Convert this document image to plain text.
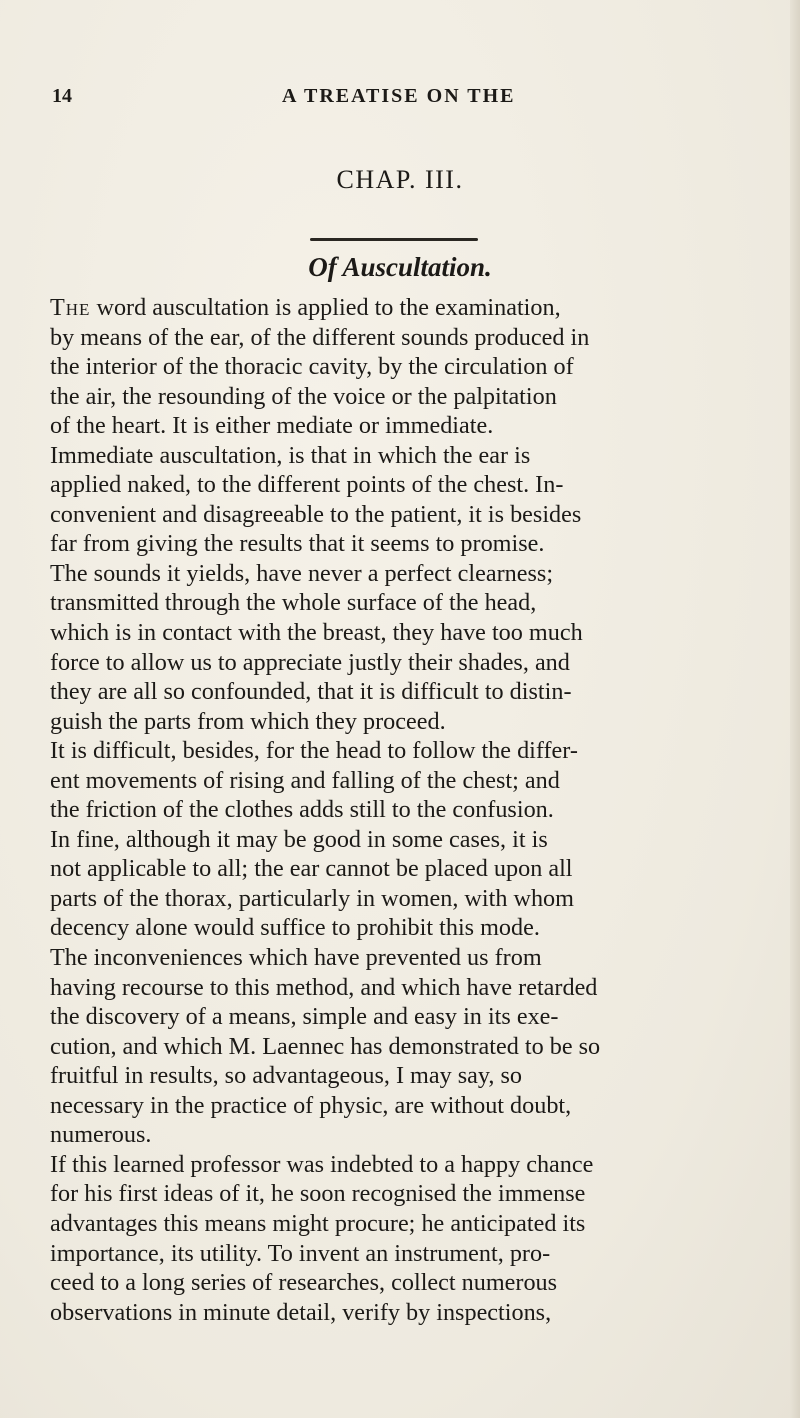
14	A TREATISE ON THE
CHAP. III.
Of Auscultation.
The word auscultation is applied to the examination,
by means of the ear, of the different sounds produced in
the interior of the thoracic cavity, by the circulation of
the air, the resounding of the voice or the palpitation
of the heart. It is either mediate or immediate.
Immediate auscultation, is that in which the ear is
applied naked, to the different points of the chest. In-
convenient and disagreeable to the patient, it is besides
far from giving the results that it seems to promise.
The sounds it yields, have never a perfect clearness;
transmitted through the whole surface of the head,
which is in contact with the breast, they have too much
force to allow us to appreciate justly their shades, and
they are all so confounded, that it is difficult to distin-
guish the parts from which they proceed.
It is difficult, besides, for the head to follow the differ-
ent movements of rising and falling of the chest; and
the friction of the clothes adds still to the confusion.
In fine, although it may be good in some cases, it is
not applicable to all; the ear cannot be placed upon all
parts of the thorax, particularly in women, with whom
decency alone would suffice to prohibit this mode.
The inconveniences which have prevented us from
having recourse to this method, and which have retarded
the discovery of a means, simple and easy in its exe-
cution, and which M. Laennec has demonstrated to be so
fruitful in results, so advantageous, I may say, so
necessary in the practice of physic, are without doubt,
numerous.
If this learned professor was indebted to a happy chance
for his first ideas of it, he soon recognised the immense
advantages this means might procure; he anticipated its
importance, its utility. To invent an instrument, pro-
ceed to a long series of researches, collect numerous
observations in minute detail, verify by inspections,
